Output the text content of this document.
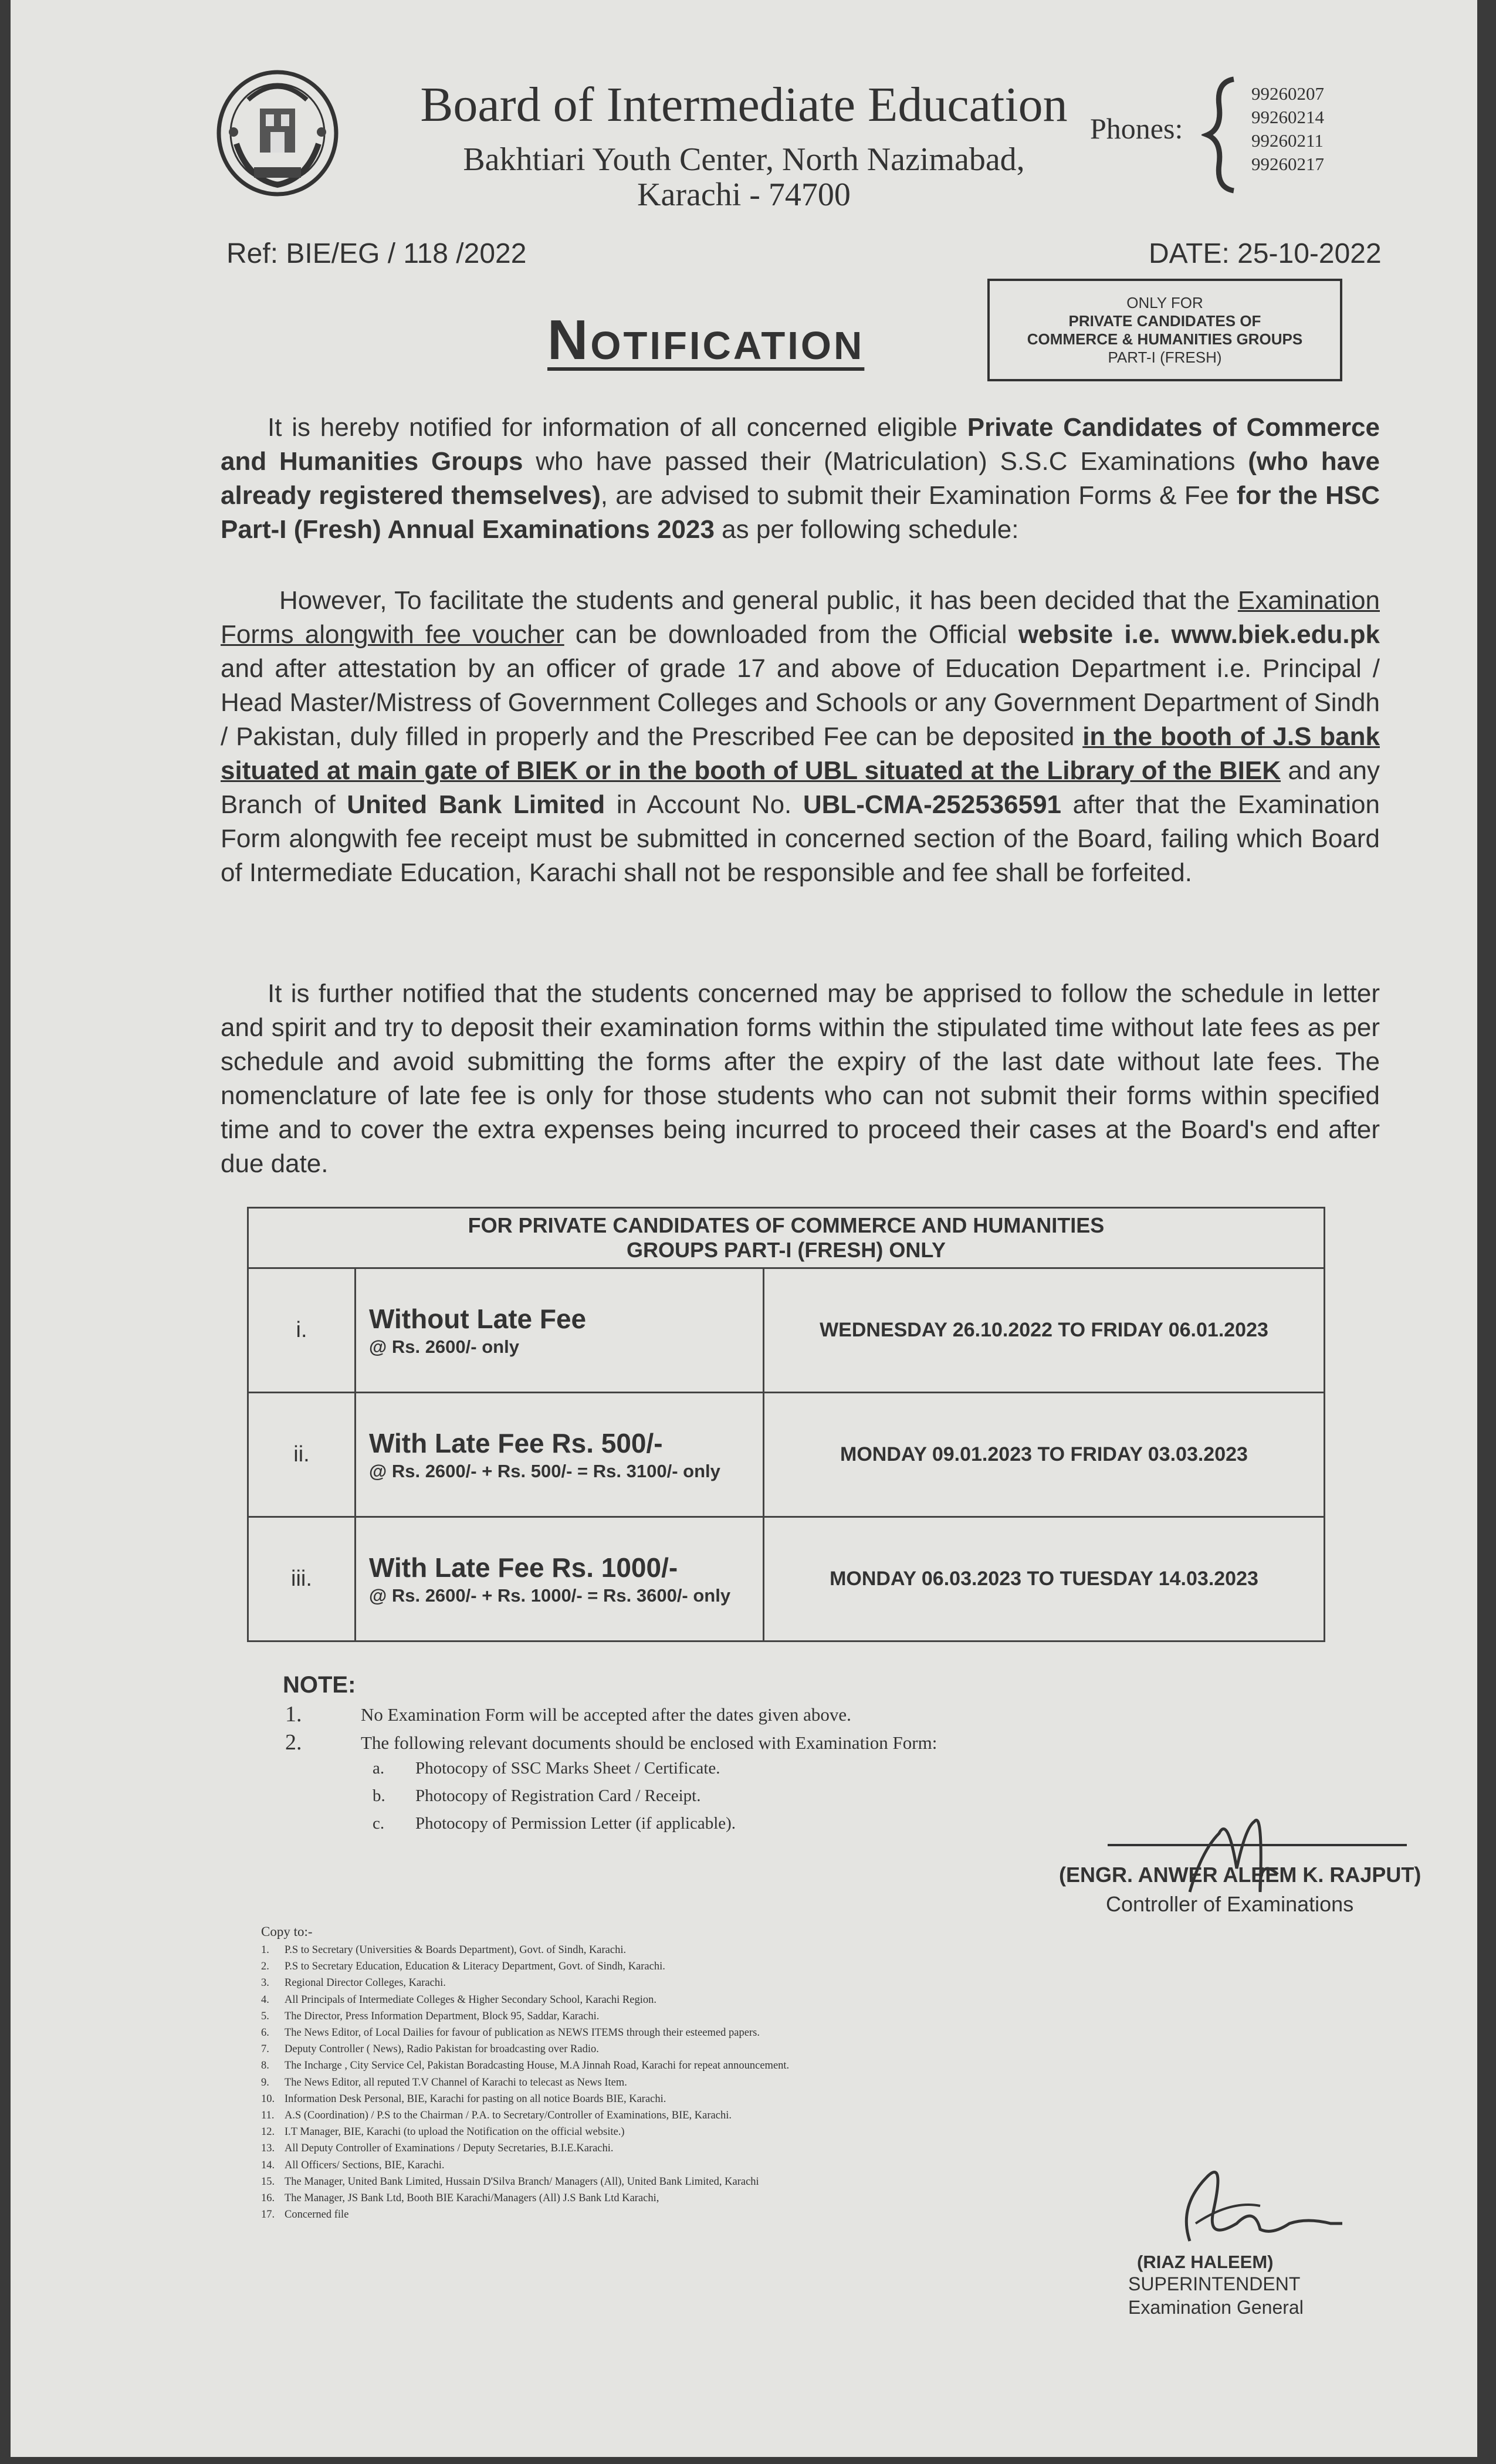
Board of Intermediate Education
Bakhtiari Youth Center, North Nazimabad,
Karachi - 74700
Phones:
99260207
99260214
99260211
99260217
Ref: BIE/EG / 118 /2022	DATE: 25-10-2022
ONLY FOR
PRIVATE CANDIDATES OF
COMMERCE & HUMANITIES GROUPS
PART-I (FRESH)
Notification
It is hereby notified for information of all concerned eligible Private Candidates of Commerce and Humanities Groups who have passed their (Matriculation) S.S.C Examinations (who have already registered themselves), are advised to submit their Examination Forms & Fee for the HSC Part-I (Fresh) Annual Examinations 2023 as per following schedule:
However, To facilitate the students and general public, it has been decided that the Examination Forms alongwith fee voucher can be downloaded from the Official website i.e. www.biek.edu.pk and after attestation by an officer of grade 17 and above of Education Department i.e. Principal / Head Master/Mistress of Government Colleges and Schools or any Government Department of Sindh / Pakistan, duly filled in properly and the Prescribed Fee can be deposited in the booth of J.S bank situated at main gate of BIEK or in the booth of UBL situated at the Library of the BIEK and any Branch of United Bank Limited in Account No. UBL-CMA-252536591 after that the Examination Form alongwith fee receipt must be submitted in concerned section of the Board, failing which Board of Intermediate Education, Karachi shall not be responsible and fee shall be forfeited.
It is further notified that the students concerned may be apprised to follow the schedule in letter and spirit and try to deposit their examination forms within the stipulated time without late fees as per schedule and avoid submitting the forms after the expiry of the last date without late fees. The nomenclature of late fee is only for those students who can not submit their forms within specified time and to cover the extra expenses being incurred to proceed their cases at the Board's end after due date.
FOR PRIVATE CANDIDATES OF COMMERCE AND HUMANITIES
GROUPS PART-I (FRESH) ONLY		

i.	Without Late Fee
@ Rs. 2600/- only	WEDNESDAY 26.10.2022 TO FRIDAY 06.01.2023
ii.	With Late Fee Rs. 500/-
@ Rs. 2600/- + Rs. 500/- = Rs. 3100/- only	MONDAY 09.01.2023 TO FRIDAY 03.03.2023
iii.	With Late Fee Rs. 1000/-
@ Rs. 2600/- + Rs. 1000/- = Rs. 3600/- only	MONDAY 06.03.2023 TO TUESDAY 14.03.2023
NOTE:
1.	No Examination Form will be accepted after the dates given above.
2.	The following relevant documents should be enclosed with Examination Form:
a. Photocopy of SSC Marks Sheet / Certificate.
b. Photocopy of Registration Card / Receipt.
c. Photocopy of Permission Letter (if applicable).
(ENGR. ANWER ALEEM K. RAJPUT)
Controller of Examinations
Copy to:-
1. P.S to Secretary (Universities & Boards Department), Govt. of Sindh, Karachi.
2. P.S to Secretary Education, Education & Literacy Department, Govt. of Sindh, Karachi.
3. Regional Director Colleges, Karachi.
4. All Principals of Intermediate Colleges & Higher Secondary School, Karachi Region.
5. The Director, Press Information Department, Block 95, Saddar, Karachi.
6. The News Editor, of Local Dailies for favour of publication as NEWS ITEMS through their esteemed papers.
7. Deputy Controller ( News), Radio Pakistan for broadcasting over Radio.
8. The Incharge , City Service Cel, Pakistan Boradcasting House, M.A Jinnah Road, Karachi for repeat announcement.
9. The News Editor, all reputed T.V Channel of Karachi to telecast as News Item.
10. Information Desk Personal, BIE, Karachi for pasting on all notice Boards BIE, Karachi.
11. A.S (Coordination) / P.S to the Chairman / P.A. to Secretary/Controller of Examinations, BIE, Karachi.
12. I.T Manager, BIE, Karachi (to upload the Notification on the official website.)
13. All Deputy Controller of Examinations / Deputy Secretaries, B.I.E.Karachi.
14. All Officers/ Sections, BIE, Karachi.
15. The Manager, United Bank Limited, Hussain D'Silva Branch/ Managers (All), United Bank Limited, Karachi
16. The Manager, JS Bank Ltd, Booth BIE Karachi/Managers (All) J.S Bank Ltd Karachi,
17. Concerned file
(RIAZ HALEEM)
SUPERINTENDENT
Examination General
